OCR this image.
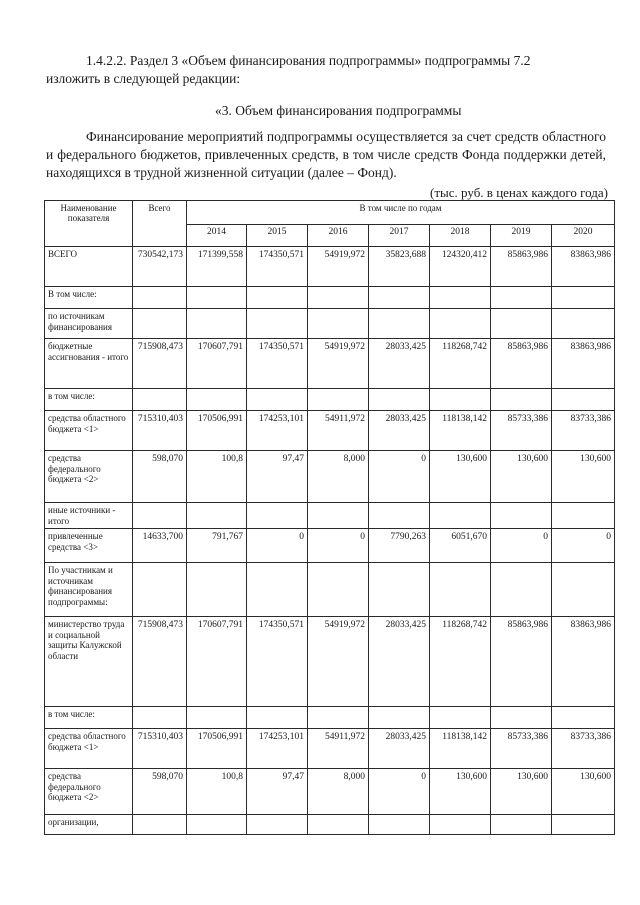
1.4.2.2. Раздел 3 «Объем финансирования подпрограммы» подпрограммы 7.2
изложить в следующей редакции:
«3. Объем финансирования подпрограммы
Финансирование мероприятий подпрограммы осуществляется за счет средств областного и федерального бюджетов, привлеченных средств, в том числе средств Фонда поддержки детей, находящихся в трудной жизненной ситуации (далее – Фонд).
(тыс. руб. в ценах каждого года)
Наименование показателя	Всего	В том числе по годам						
		2014	2015	2016	2017	2018	2019	2020
ВСЕГО	730542,173	171399,558	174350,571	54919,972	35823,688	124320,412	85863,986	83863,986
В том числе:								
по источникам финансирования								
бюджетные ассигнования - итого	715908,473	170607,791	174350,571	54919,972	28033,425	118268,742	85863,986	83863,986
в том числе:								
средства областного бюджета <1>	715310,403	170506,991	174253,101	54911,972	28033,425	118138,142	85733,386	83733,386
средства федерального бюджета <2>	598,070	100,8	97,47	8,000	0	130,600	130,600	130,600
иные источники - итого								
привлеченные средства <3>	14633,700	791,767	0	0	7790,263	6051,670	0	0
По участникам и источникам финансирования подпрограммы:								
министерство труда и социальной защиты Калужской области	715908,473	170607,791	174350,571	54919,972	28033,425	118268,742	85863,986	83863,986
в том числе:								
средства областного бюджета <1>	715310,403	170506,991	174253,101	54911,972	28033,425	118138,142	85733,386	83733,386
средства федерального бюджета <2>	598,070	100,8	97,47	8,000	0	130,600	130,600	130,600
организации,								
